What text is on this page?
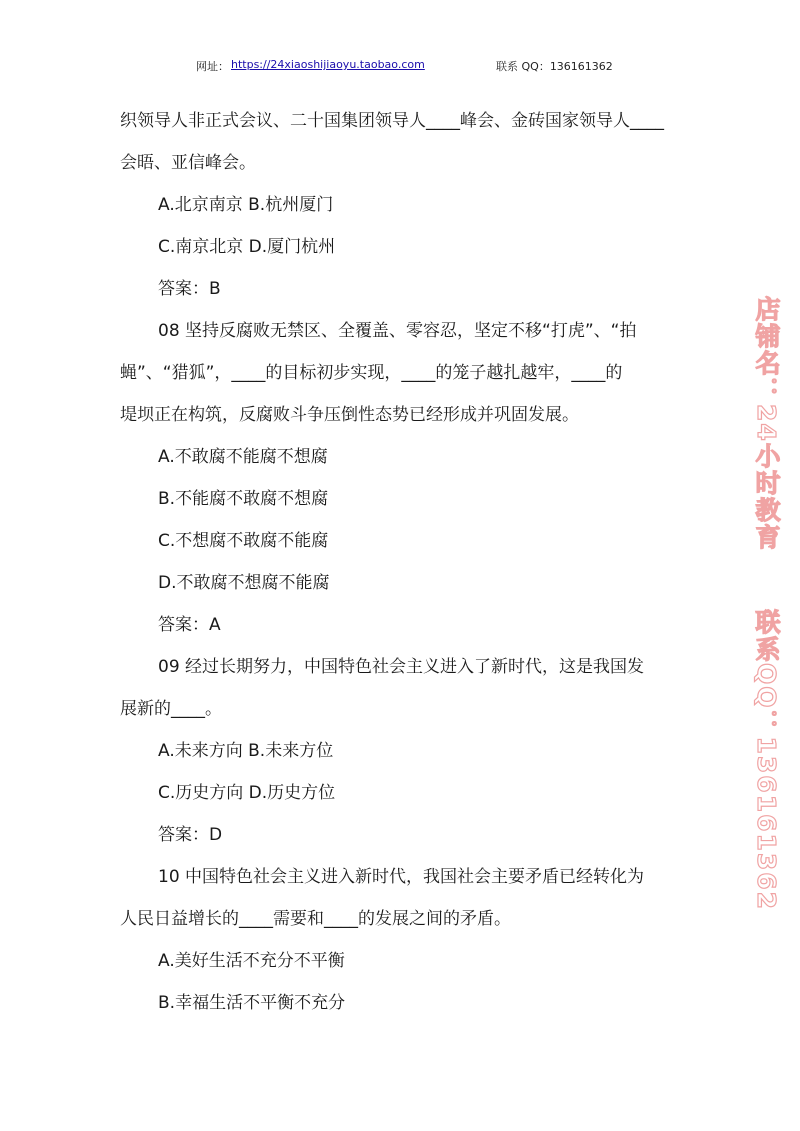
网址： https://24xiaoshijiaoyu.taobao.com	联系 QQ：136161362

织领导人非正式会议、二十国集团领导人____峰会、金砖国家领导人____

会晤、亚信峰会。

A.北京南京 B.杭州厦门

C.南京北京 D.厦门杭州

答案：B

08 坚持反腐败无禁区、全覆盖、零容忍，坚定不移“打虎”、“拍

蝇”、“猎狐”，____的目标初步实现，____的笼子越扎越牢，____的

堤坝正在构筑，反腐败斗争压倒性态势已经形成并巩固发展。

A.不敢腐不能腐不想腐

B.不能腐不敢腐不想腐

C.不想腐不敢腐不能腐

D.不敢腐不想腐不能腐

答案：A

09 经过长期努力，中国特色社会主义进入了新时代，这是我国发

展新的____。

A.未来方向 B.未来方位

C.历史方向 D.历史方位

答案：D

10 中国特色社会主义进入新时代，我国社会主要矛盾已经转化为

人民日益增长的____需要和____的发展之间的矛盾。

A.美好生活不充分不平衡

B.幸福生活不平衡不充分

店铺名：24小时教育联系QQ：136161362
